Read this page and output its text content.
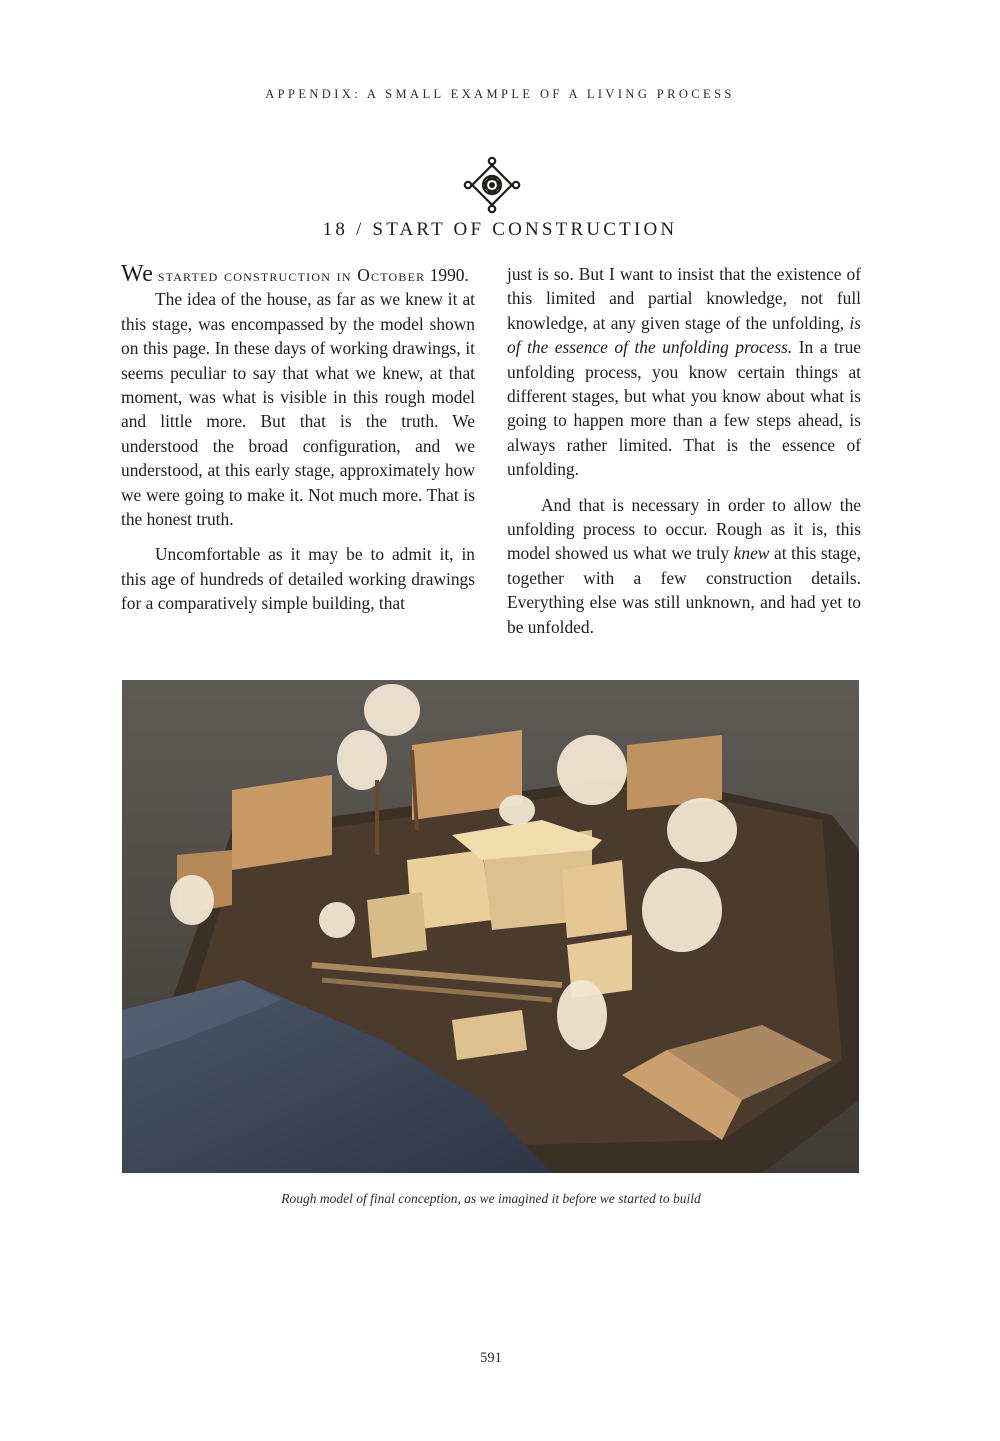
APPENDIX: A SMALL EXAMPLE OF A LIVING PROCESS
18 / START OF CONSTRUCTION

We started construction in October 1990.

The idea of the house, as far as we knew it at this stage, was encompassed by the model shown on this page. In these days of working drawings, it seems peculiar to say that what we knew, at that moment, was what is visible in this rough model and little more. But that is the truth. We understood the broad configuration, and we understood, at this early stage, approximately how we were going to make it. Not much more. That is the honest truth.

Uncomfortable as it may be to admit it, in this age of hundreds of detailed working drawings for a comparatively simple building, that

just is so. But I want to insist that the existence of this limited and partial knowledge, not full knowledge, at any given stage of the unfolding, is of the essence of the unfolding process. In a true unfolding process, you know certain things at different stages, but what you know about what is going to happen more than a few steps ahead, is always rather limited. That is the essence of unfolding.

And that is necessary in order to allow the unfolding process to occur. Rough as it is, this model showed us what we truly knew at this stage, together with a few construction details. Everything else was still unknown, and had yet to be unfolded.

Rough model of final conception, as we imagined it before we started to build
591
